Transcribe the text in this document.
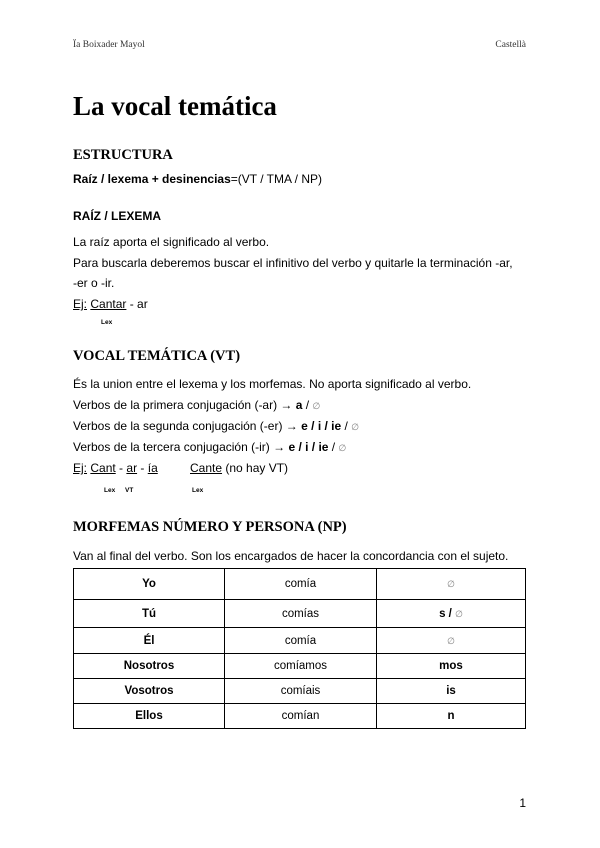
Ïa Boixader Mayol	Castellà
La vocal temática
ESTRUCTURA
Raíz / lexema + desinencias=(VT / TMA / NP)
RAÍZ / LEXEMA
La raíz aporta el significado al verbo.
Para buscarla deberemos buscar el infinitivo del verbo y quitarle la terminación -ar,
-er o -ir.
Ej: Cantar - ar
Lex
VOCAL TEMÁTICA (VT)
És la union entre el lexema y los morfemas. No aporta significado al verbo.
Verbos de la primera conjugación (-ar) → a / ∅
Verbos de la segunda conjugación (-er) → e / i / ie / ∅
Verbos de la tercera conjugación (-ir) → e / i / ie / ∅
Ej: Cant - ar - ía	Cante (no hay VT)
Lex VT	Lex
MORFEMAS NÚMERO Y PERSONA (NP)
Van al final del verbo. Son los encargados de hacer la concordancia con el sujeto.
Yo	comía	∅
Tú	comías	s / ∅
Él	comía	∅
Nosotros	comíamos	mos
Vosotros	comíais	is
Ellos	comían	n
1
